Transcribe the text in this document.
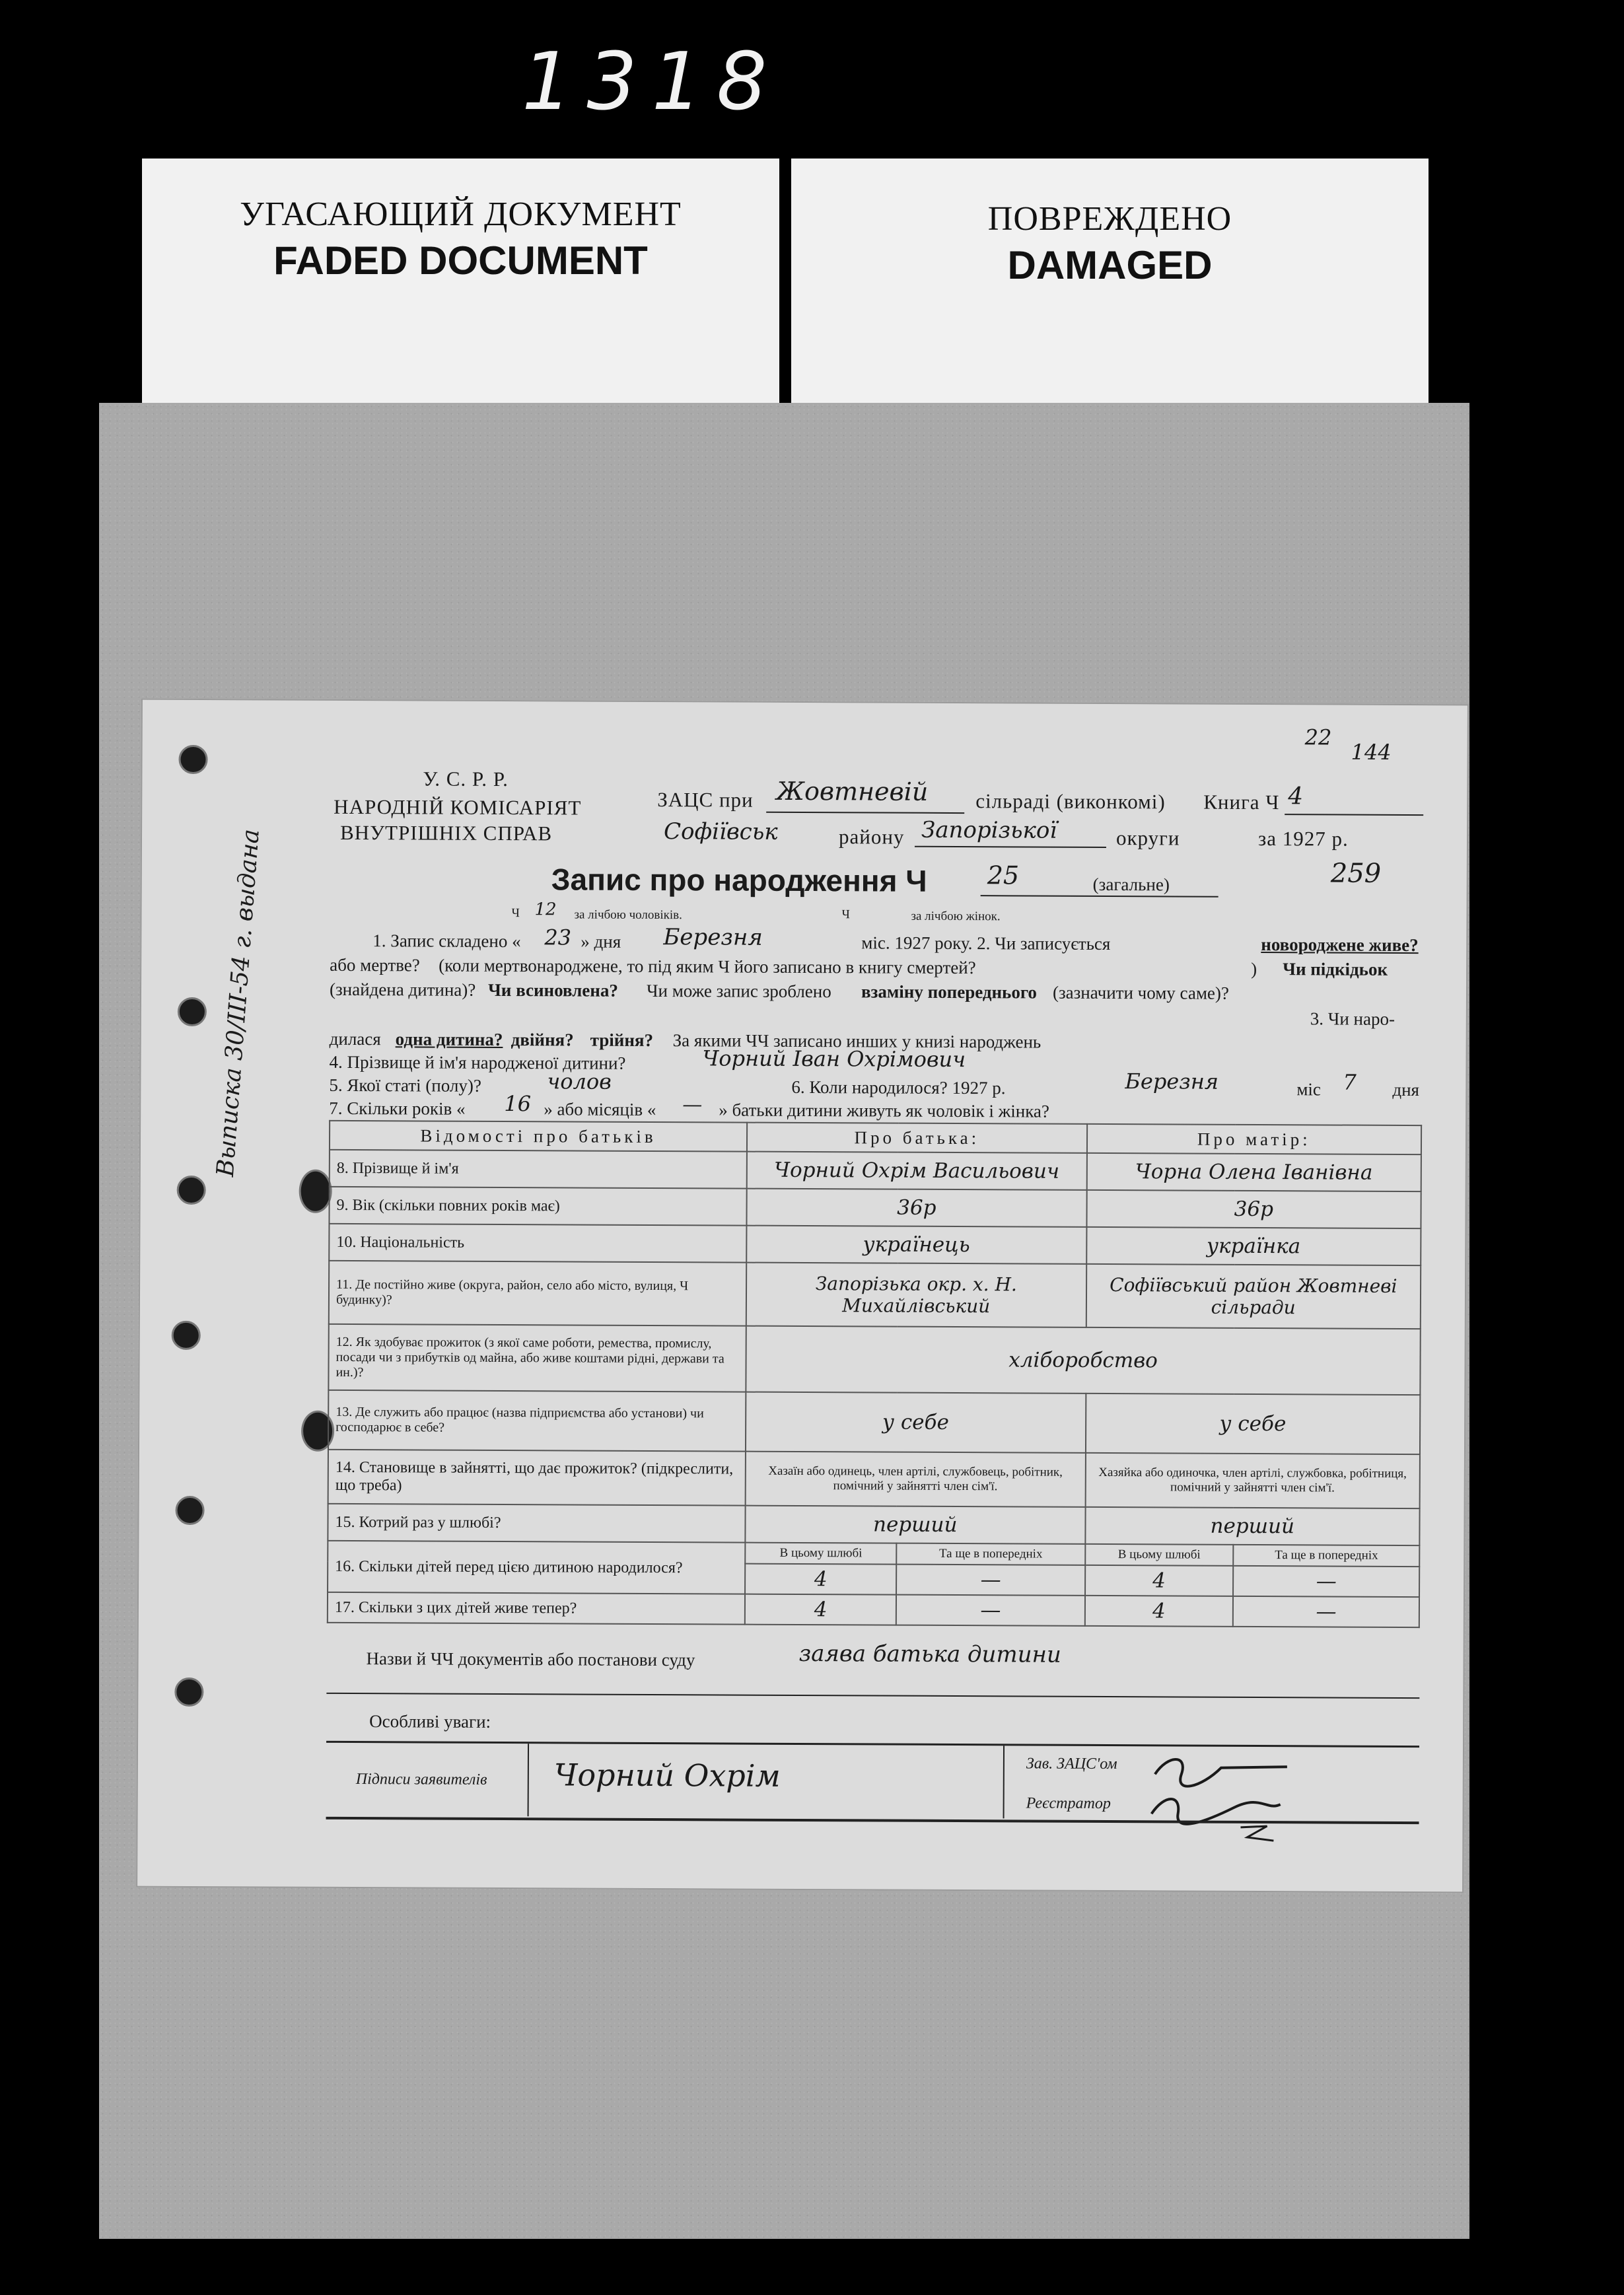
1318
УГАСАЮЩИЙ ДОКУМЕНТ
FADED DOCUMENT
ПОВРЕЖДЕНО
DAMAGED
Выписка 30/III-54 г. выдана
У. С. Р. Р.
НАРОДНІЙ КОМІСАРІЯТ
ВНУТРІШНІХ СПРАВ
ЗАЦС при Жовтневій сільраді (виконкомі) Книга Ч 4
Софіївськ	району Запорізької	округи	за 1927 р.
22
144
259
Запис про народження Ч 25	(загальне)
Ч 12 за лічбою чоловіків.	Ч	за лічбою жінок.
1. Запис складено « 23 » дня Березня	міс. 1927 року. 2. Чи записується	новороджене живе?
або мертве? (коли мертвонароджене, то під яким Ч його записано в книгу смертей?	) Чи підкідьок
(знайдена дитина)? Чи всиновлена? Чи може запис зроблено взаміну попереднього (зазначити чому саме)?
3. Чи наро-
дилася одна дитина? двійня? трійня? За якими ЧЧ записано инших у книзі народжень
4. Прізвище й ім'я народженої дитини?	Чорний Іван Охрімович
5. Якої статі (полу)?	чолов	6. Коли народилося? 1927 р.	Березня	міс 7 дня
7. Скільки років « 16 » або місяців « — » батьки дитини живуть як чоловік і жінка?
Відомості про батьків	Про батька:		Про матір:	
8. Прізвище й ім'я	Чорний Охрім Васильович		Чорна Олена Іванівна	
9. Вік (скільки повних років має)	36р		36р	
10. Національність	українець		українка	
11. Де постійно живе (округа, район, село або місто, вулиця, Ч будинку)?	Запорізька окр. х. Н. Михайлівський		Софіївський район Жовтневі сільради	
12. Як здобуває прожиток (з якої саме роботи, ремества, промислу, посади чи з прибутків од майна, або живе коштами рідні, держави та ин.)?	хліборобство			
13. Де служить або працює (назва підприємства або установи) чи господарює в себе?	у себе		у себе	
14. Становище в зайнятті, що дає прожиток? (підкреслити, що треба)	Хазаїн або одинець, член артілі, службовець, робітник, помічний у зайнятті член сім'ї.		Хазяйка або одиночка, член артілі, службовка, робітниця, помічний у зайнятті член сім'ї.	
15. Котрий раз у шлюбі?	перший		перший	
16. Скільки дітей перед цією дитиною народилося?	В цьому шлюбі	Та ще в попередніх	В цьому шлюбі	Та ще в попередніх
	4	—	4	—
17. Скільки з цих дітей живе тепер?	4	—	4	—
Назви й ЧЧ документів або постанови суду	заява батька дитини
Особливі уваги:
Підписи заявителів Чорний Охрім	Зав. ЗАЦС'ом
Реєстратор
